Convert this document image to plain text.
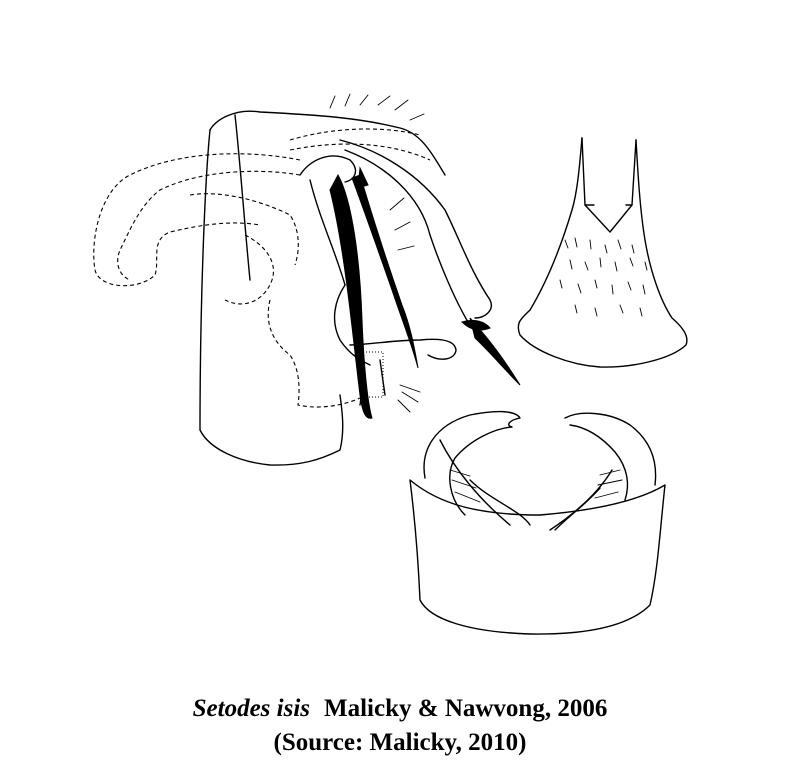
Setodes isis Malicky & Nawvong, 2006
(Source: Malicky, 2010)
